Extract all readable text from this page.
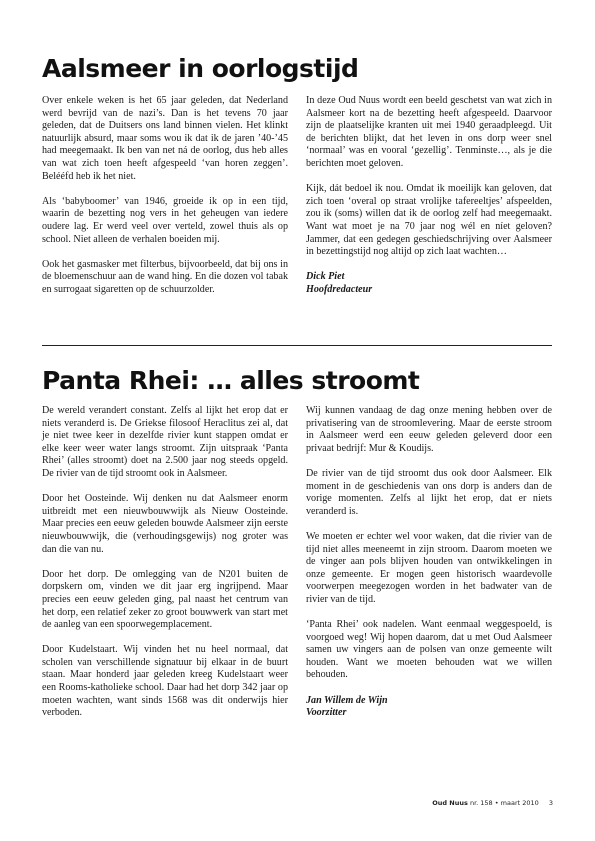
Aalsmeer in oorlogstijd

Over enkele weken is het 65 jaar geleden, dat Nederland werd bevrijd van de nazi’s. Dan is het tevens 70 jaar geleden, dat de Duitsers ons land binnen vielen. Het klinkt natuurlijk absurd, maar soms wou ik dat ik de jaren ’40-’45 had meegemaakt. Ik ben van net ná de oorlog, dus heb alles van wat zich toen heeft afgespeeld ‘van horen zeggen’. Belééfd heb ik het niet.

Als ‘babyboomer’ van 1946, groeide ik op in een tijd, waarin de bezetting nog vers in het geheugen van iedere oudere lag. Er werd veel over verteld, zowel thuis als op school. Niet alleen de verhalen boeiden mij.

Ook het gasmasker met filterbus, bijvoorbeeld, dat bij ons in de bloemenschuur aan de wand hing. En die dozen vol tabak en surrogaat sigaretten op de schuurzolder.

In deze Oud Nuus wordt een beeld geschetst van wat zich in Aalsmeer kort na de bezetting heeft afgespeeld. Daarvoor zijn de plaatselijke kranten uit mei 1940 geraadpleegd. Uit de berichten blijkt, dat het leven in ons dorp weer snel ‘normaal’ was en vooral ‘gezellig’. Tenminste…, als je die berichten moet geloven.

Kijk, dát bedoel ik nou. Omdat ik moeilijk kan geloven, dat zich toen ‘overal op straat vrolijke tafereeltjes’ afspeelden, zou ik (soms) willen dat ik de oorlog zelf had meegemaakt. Want wat moet je na 70 jaar nog wél en níet geloven? Jammer, dat een gedegen geschiedschrijving over Aalsmeer in bezettingstijd nog altijd op zich laat wachten…

Dick Piet
Hoofdredacteur
Panta Rhei: … alles stroomt

De wereld verandert constant. Zelfs al lijkt het erop dat er niets veranderd is. De Griekse filosoof Heraclitus zei al, dat je niet twee keer in dezelfde rivier kunt stappen omdat er elke keer weer water langs stroomt. Zijn uitspraak ‘Panta Rhei’ (alles stroomt) doet na 2.500 jaar nog steeds opgeld. De rivier van de tijd stroomt ook in Aalsmeer.

Door het Oosteinde. Wij denken nu dat Aalsmeer enorm uitbreidt met een nieuwbouwwijk als Nieuw Oosteinde. Maar precies een eeuw geleden bouwde Aalsmeer zijn eerste nieuwbouwwijk, die (verhoudingsgewijs) nog groter was dan die van nu.

Door het dorp. De omlegging van de N201 buiten de dorpskern om, vinden we dit jaar erg ingrijpend. Maar precies een eeuw geleden ging, pal naast het centrum van het dorp, een relatief zeker zo groot bouwwerk van start met de aanleg van een spoorwegemplacement.

Door Kudelstaart. Wij vinden het nu heel normaal, dat scholen van verschillende signatuur bij elkaar in de buurt staan. Maar honderd jaar geleden kreeg Kudelstaart weer een Rooms-katholieke school. Daar had het dorp 342 jaar op moeten wachten, want sinds 1568 was dit onderwijs hier verboden.

Wij kunnen vandaag de dag onze mening hebben over de privatisering van de stroomlevering. Maar de eerste stroom in Aalsmeer werd een eeuw geleden geleverd door een privaat bedrijf: Mur & Koudijs.

De rivier van de tijd stroomt dus ook door Aalsmeer. Elk moment in de geschiedenis van ons dorp is anders dan de vorige momenten. Zelfs al lijkt het erop, dat er niets veranderd is.

We moeten er echter wel voor waken, dat die rivier van de tijd niet alles meeneemt in zijn stroom. Daarom moeten we de vinger aan pols blijven houden van ontwikkelingen in onze gemeente. Er mogen geen historisch waardevolle voorwerpen meegezogen worden in het badwater van de rivier van de tijd.

‘Panta Rhei’ ook nadelen. Want eenmaal weggespoeld, is voorgoed weg! Wij hopen daarom, dat u met Oud Aalsmeer samen uw vingers aan de polsen van onze gemeente wilt houden. Want we moeten behouden wat we willen behouden.

Jan Willem de Wijn
Voorzitter
Oud Nuus nr. 158 • maart 2010 3
